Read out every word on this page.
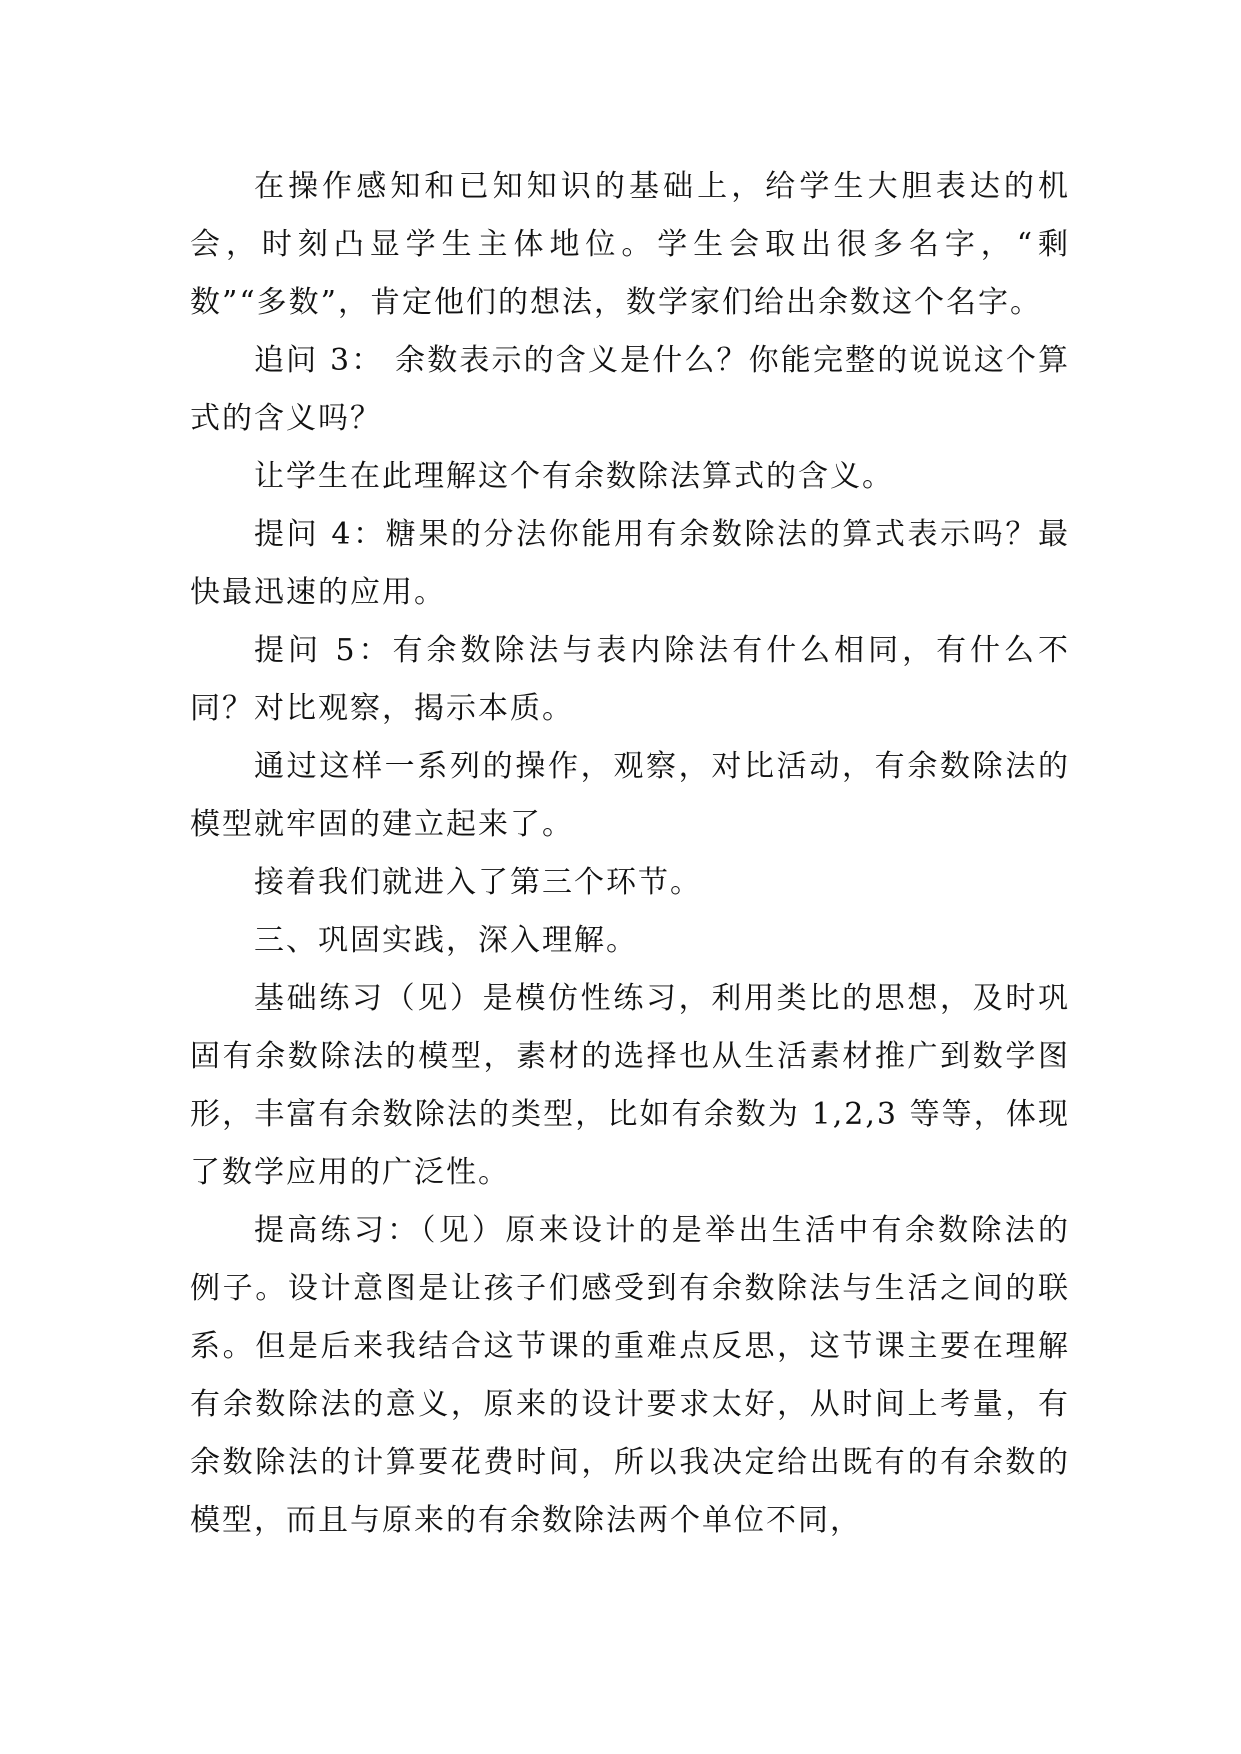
在操作感知和已知知识的基础上，给学生大胆表达的机会，时刻凸显学生主体地位。学生会取出很多名字，“剩数”“多数”，肯定他们的想法，数学家们给出余数这个名字。

追问 3： 余数表示的含义是什么？你能完整的说说这个算式的含义吗？

让学生在此理解这个有余数除法算式的含义。

提问 4：糖果的分法你能用有余数除法的算式表示吗？最快最迅速的应用。

提问 5：有余数除法与表内除法有什么相同，有什么不同？对比观察，揭示本质。

通过这样一系列的操作，观察，对比活动，有余数除法的模型就牢固的建立起来了。

接着我们就进入了第三个环节。

三、巩固实践，深入理解。

基础练习（见）是模仿性练习，利用类比的思想，及时巩固有余数除法的模型，素材的选择也从生活素材推广到数学图形，丰富有余数除法的类型，比如有余数为 1,2,3 等等，体现了数学应用的广泛性。

提高练习：（见）原来设计的是举出生活中有余数除法的例子。设计意图是让孩子们感受到有余数除法与生活之间的联系。但是后来我结合这节课的重难点反思，这节课主要在理解有余数除法的意义，原来的设计要求太好，从时间上考量，有余数除法的计算要花费时间，所以我决定给出既有的有余数的模型，而且与原来的有余数除法两个单位不同，
